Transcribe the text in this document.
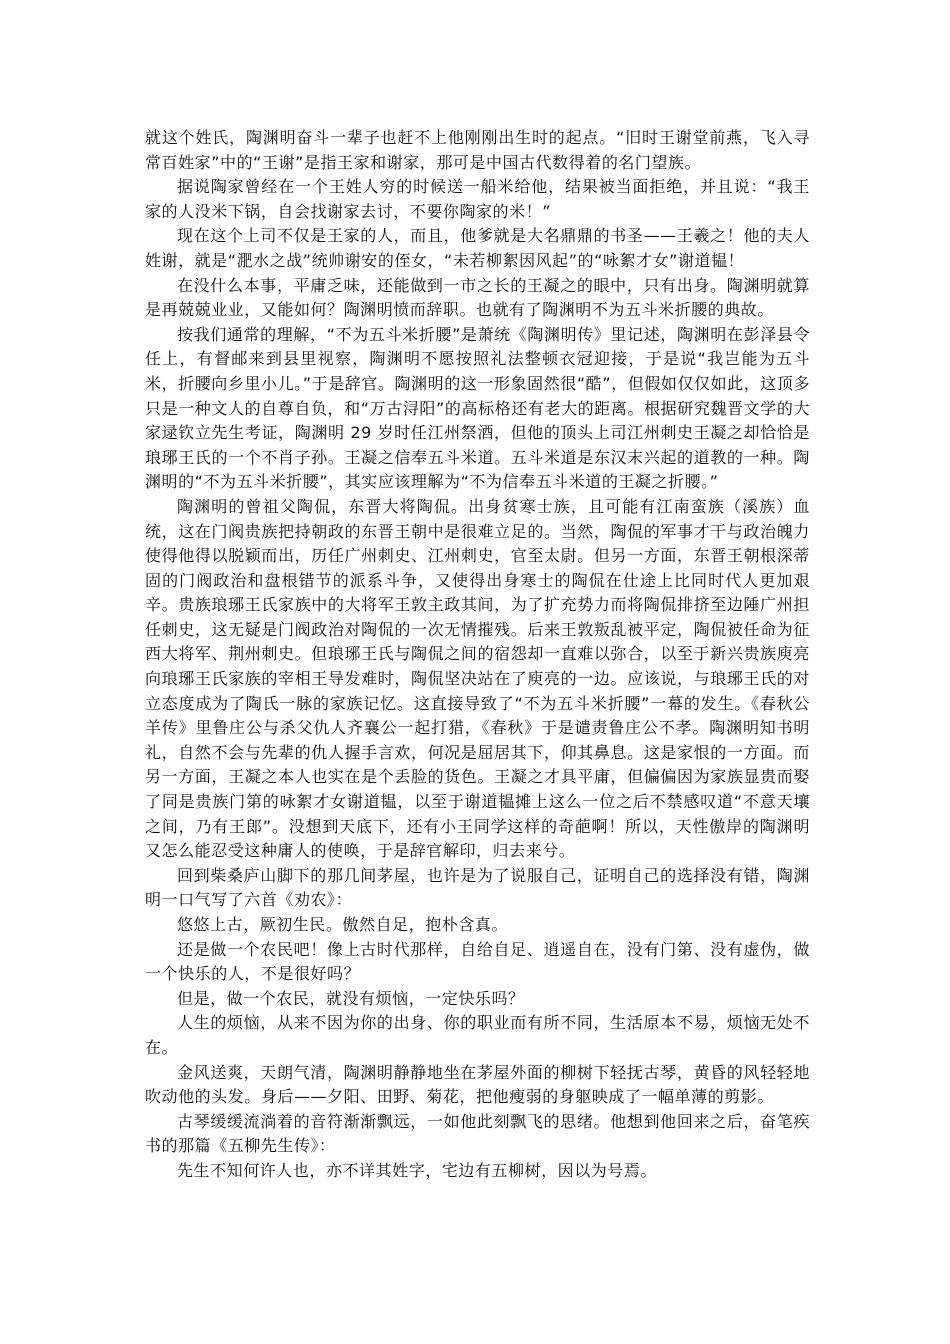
就这个姓氏，陶渊明奋斗一辈子也赶不上他刚刚出生时的起点。“旧时王谢堂前燕，飞入寻常百姓家”中的“王谢”是指王家和谢家，那可是中国古代数得着的名门望族。

据说陶家曾经在一个王姓人穷的时候送一船米给他，结果被当面拒绝，并且说：“我王家的人没米下锅，自会找谢家去讨，不要你陶家的米！”

现在这个上司不仅是王家的人，而且，他爹就是大名鼎鼎的书圣——王羲之！他的夫人姓谢，就是“淝水之战”统帅谢安的侄女，“未若柳絮因风起”的“咏絮才女”谢道韫！

在没什么本事，平庸乏味，还能做到一市之长的王凝之的眼中，只有出身。陶渊明就算是再兢兢业业，又能如何？陶渊明愤而辞职。也就有了陶渊明不为五斗米折腰的典故。

按我们通常的理解，“不为五斗米折腰”是萧统《陶渊明传》里记述，陶渊明在彭泽县令任上，有督邮来到县里视察，陶渊明不愿按照礼法整顿衣冠迎接，于是说“我岂能为五斗米，折腰向乡里小儿。”于是辞官。陶渊明的这一形象固然很“酷”，但假如仅仅如此，这顶多只是一种文人的自尊自负，和“万古浔阳”的高标格还有老大的距离。根据研究魏晋文学的大家逯钦立先生考证，陶渊明 29 岁时任江州祭酒，但他的顶头上司江州刺史王凝之却恰恰是琅琊王氏的一个不肖子孙。王凝之信奉五斗米道。五斗米道是东汉末兴起的道教的一种。陶渊明的“不为五斗米折腰”，其实应该理解为“不为信奉五斗米道的王凝之折腰。”

陶渊明的曾祖父陶侃，东晋大将陶侃。出身贫寒士族，且可能有江南蛮族（溪族）血统，这在门阀贵族把持朝政的东晋王朝中是很难立足的。当然，陶侃的军事才干与政治魄力使得他得以脱颖而出，历任广州刺史、江州刺史，官至太尉。但另一方面，东晋王朝根深蒂固的门阀政治和盘根错节的派系斗争，又使得出身寒士的陶侃在仕途上比同时代人更加艰辛。贵族琅琊王氏家族中的大将军王敦主政其间，为了扩充势力而将陶侃排挤至边陲广州担任刺史，这无疑是门阀政治对陶侃的一次无情摧残。后来王敦叛乱被平定，陶侃被任命为征西大将军、荆州刺史。但琅琊王氏与陶侃之间的宿怨却一直难以弥合，以至于新兴贵族庾亮向琅琊王氏家族的宰相王导发难时，陶侃坚决站在了庾亮的一边。应该说，与琅琊王氏的对立态度成为了陶氏一脉的家族记忆。这直接导致了“不为五斗米折腰”一幕的发生。《春秋公羊传》里鲁庄公与杀父仇人齐襄公一起打猎，《春秋》于是谴责鲁庄公不孝。陶渊明知书明礼，自然不会与先辈的仇人握手言欢，何况是屈居其下，仰其鼻息。这是家恨的一方面。而另一方面，王凝之本人也实在是个丢脸的货色。王凝之才具平庸，但偏偏因为家族显贵而娶了同是贵族门第的咏絮才女谢道韫，以至于谢道韫摊上这么一位之后不禁感叹道“不意天壤之间，乃有王郎”。没想到天底下，还有小王同学这样的奇葩啊！所以，天性傲岸的陶渊明又怎么能忍受这种庸人的使唤，于是辞官解印，归去来兮。

回到柴桑庐山脚下的那几间茅屋，也许是为了说服自己，证明自己的选择没有错，陶渊明一口气写了六首《劝农》：

悠悠上古，厥初生民。傲然自足，抱朴含真。

还是做一个农民吧！像上古时代那样，自给自足、逍遥自在，没有门第、没有虚伪，做一个快乐的人，不是很好吗？

但是，做一个农民，就没有烦恼，一定快乐吗？

人生的烦恼，从来不因为你的出身、你的职业而有所不同，生活原本不易，烦恼无处不在。

金风送爽，天朗气清，陶渊明静静地坐在茅屋外面的柳树下轻抚古琴，黄昏的风轻轻地吹动他的头发。身后——夕阳、田野、菊花，把他瘦弱的身躯映成了一幅单薄的剪影。

古琴缓缓流淌着的音符渐渐飘远，一如他此刻飘飞的思绪。他想到他回来之后，奋笔疾书的那篇《五柳先生传》：

先生不知何许人也，亦不详其姓字，宅边有五柳树，因以为号焉。
